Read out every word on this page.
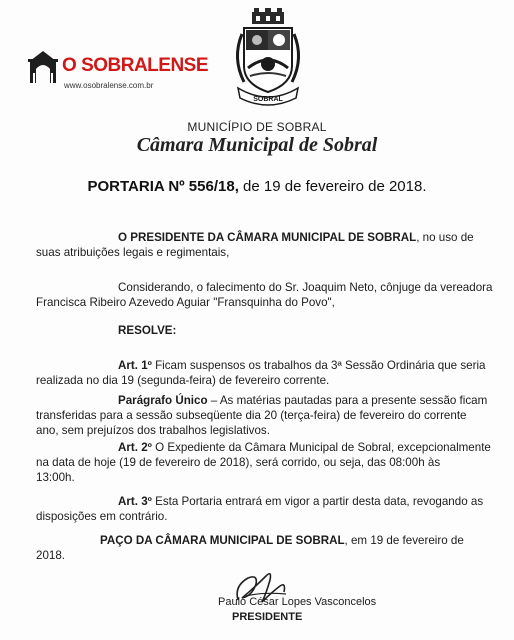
O SOBRALENSE
www.osobralense.com.br
SOBRAL
MUNICÍPIO DE SOBRAL
Câmara Municipal de Sobral
PORTARIA Nº 556/18, de 19 de fevereiro de 2018.
O PRESIDENTE DA CÂMARA MUNICIPAL DE SOBRAL, no uso de
suas atribuições legais e regimentais,
Considerando, o falecimento do Sr. Joaquim Neto, cônjuge da vereadora
Francisca Ribeiro Azevedo Aguiar "Fransquinha do Povo",
RESOLVE:
Art. 1º Ficam suspensos os trabalhos da 3ª Sessão Ordinária que seria
realizada no dia 19 (segunda-feira) de fevereiro corrente.
Parágrafo Único – As matérias pautadas para a presente sessão ficam
transferidas para a sessão subseqüente dia 20 (terça-feira) de fevereiro do corrente
ano, sem prejuízos dos trabalhos legislativos.
Art. 2º O Expediente da Câmara Municipal de Sobral, excepcionalmente
na data de hoje (19 de fevereiro de 2018), será corrido, ou seja, das 08:00h às
13:00h.
Art. 3º Esta Portaria entrará em vigor a partir desta data, revogando as
disposições em contrário.
PAÇO DA CÂMARA MUNICIPAL DE SOBRAL, em 19 de fevereiro de
2018.
Paulo César Lopes Vasconcelos
PRESIDENTE
